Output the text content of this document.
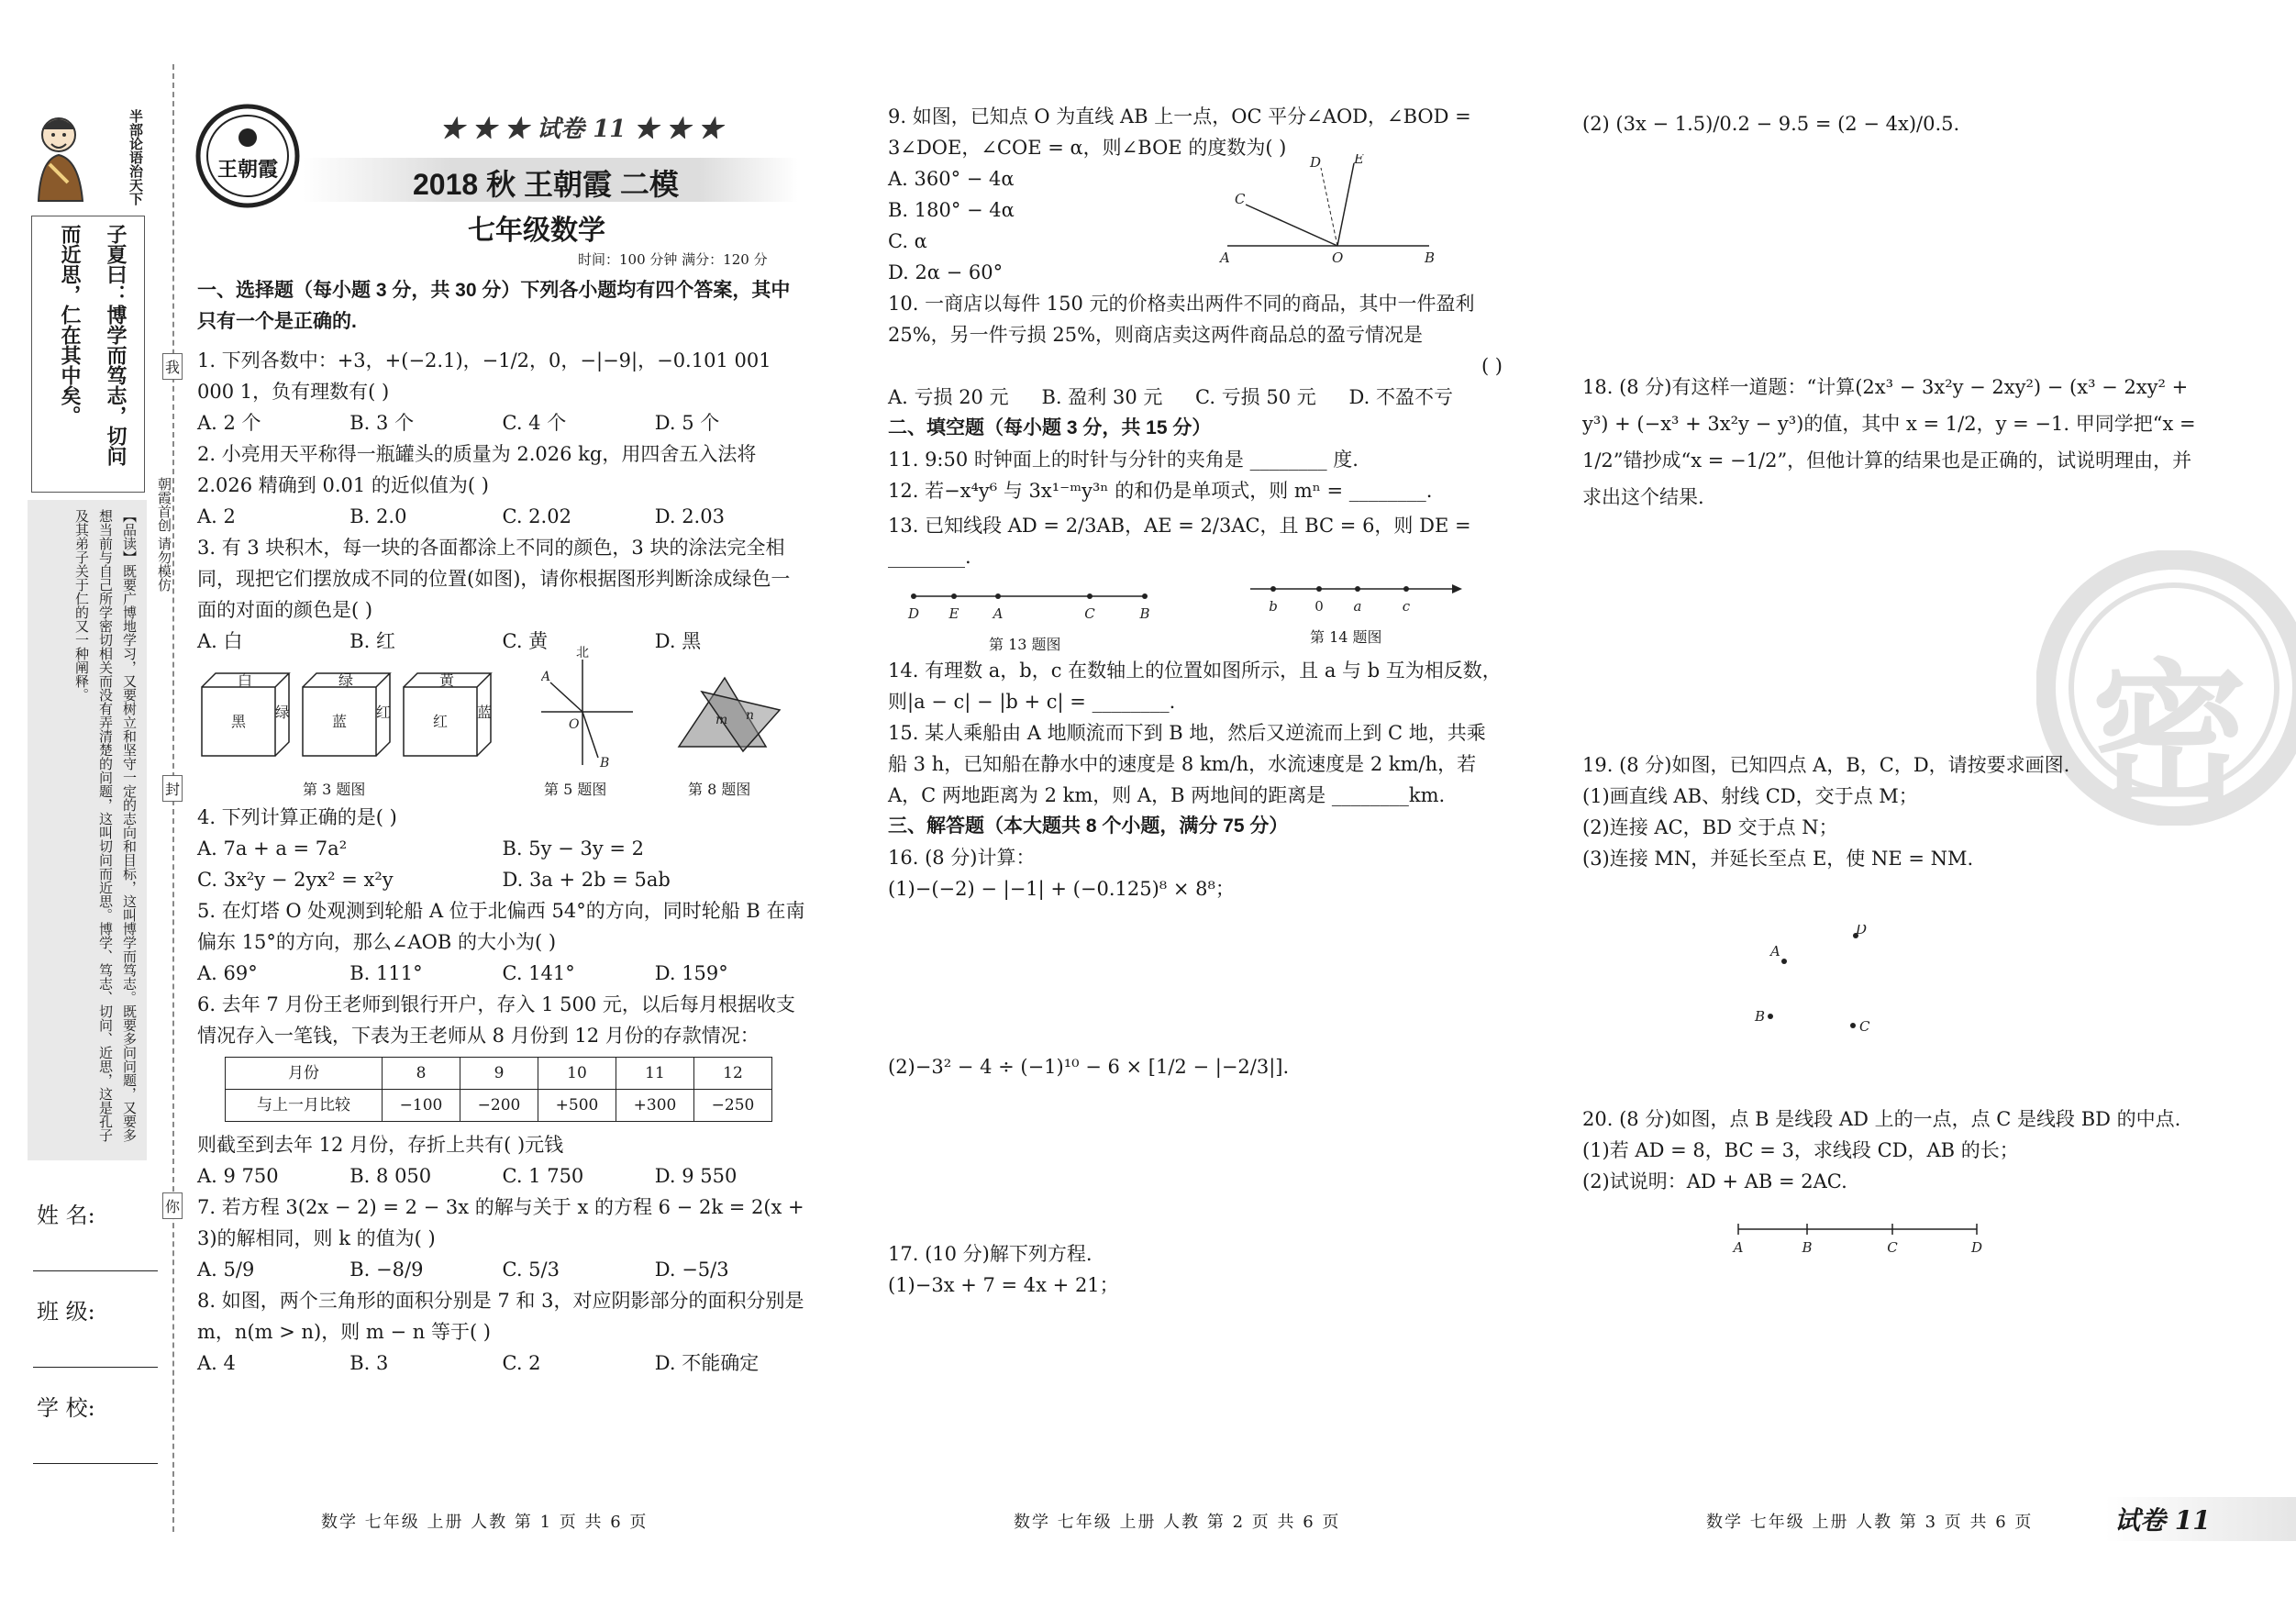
半部论语治天下
子夏曰：博学而笃志，切问而近思，仁在其中矣。
【品读】既要广博地学习，又要树立和坚守一定的志向和目标，这叫博学而笃志。既要多问问题，又要多想当前与自己所学密切相关而没有弄清楚的问题，这叫切问而近思。博学、笃志、切问、近思，这是孔子及其弟子关于仁的又一种阐释。	朝霞首创 请勿模仿
我
封
你
姓 名:
班 级:
学 校:
王朝霞
★ ★ ★ 试卷 11 ★ ★ ★
2018 秋 王朝霞 二模
七年级数学
时间：100 分钟 满分：120 分

一、选择题（每小题 3 分，共 30 分）下列各小题均有四个答案，其中只有一个是正确的.

1. 下列各数中：+3，+(−2.1)，−1/2，0，−|−9|，−0.101 001 000 1，负有理数有( )

A. 2 个	B. 3 个	C. 4 个	D. 5 个

2. 小亮用天平称得一瓶罐头的质量为 2.026 kg，用四舍五入法将 2.026 精确到 0.01 的近似值为( )

A. 2	B. 2.0	C. 2.02	D. 2.03

3. 有 3 块积木，每一块的各面都涂上不同的颜色，3 块的涂法完全相同，现把它们摆放成不同的位置(如图)，请你根据图形判断涂成绿色一面的对面的颜色是( )

A. 白	B. 红	C. 黄	D. 黑
白
黑
绿
绿
蓝
红
黄
红
蓝
第 3 题图
北
A
O
B
第 5 题图
m n
第 8 题图

4. 下列计算正确的是( )

A. 7a + a = 7a²	B. 5y − 3y = 2
C. 3x²y − 2yx² = x²y	D. 3a + 2b = 5ab

5. 在灯塔 O 处观测到轮船 A 位于北偏西 54°的方向，同时轮船 B 在南偏东 15°的方向，那么∠AOB 的大小为( )

A. 69°	B. 111°	C. 141°	D. 159°

6. 去年 7 月份王老师到银行开户，存入 1 500 元，以后每月根据收支情况存入一笔钱，下表为王老师从 8 月份到 12 月份的存款情况：

月份	8	9	10	11	12
与上一月比较	−100	−200	+500	+300	−250

则截至到去年 12 月份，存折上共有( )元钱

A. 9 750	B. 8 050	C. 1 750	D. 9 550

7. 若方程 3(2x − 2) = 2 − 3x 的解与关于 x 的方程 6 − 2k = 2(x + 3)的解相同，则 k 的值为( )

A. 5/9	B. −8/9	C. 5/3	D. −5/3

8. 如图，两个三角形的面积分别是 7 和 3，对应阴影部分的面积分别是 m，n(m > n)，则 m − n 等于( )

A. 4	B. 3	C. 2	D. 不能确定
数学 七年级 上册 人教 第 1 页 共 6 页

9. 如图，已知点 O 为直线 AB 上一点，OC 平分∠AOD，∠BOD = 3∠DOE，∠COE = α，则∠BOE 的度数为( )

A. 360° − 4α
B. 180° − 4α
C. α
D. 2α − 60°
A	O	B
C
D E

10. 一商店以每件 150 元的价格卖出两件不同的商品，其中一件盈利 25%，另一件亏损 25%，则商店卖这两件商品总的盈亏情况是

( )
A. 亏损 20 元	B. 盈利 30 元	C. 亏损 50 元	D. 不盈不亏

二、填空题（每小题 3 分，共 15 分）

11. 9:50 时钟面上的时针与分针的夹角是 ________ 度.

12. 若−x⁴y⁶ 与 3x¹⁻ᵐy³ⁿ 的和仍是单项式，则 mⁿ = ________.

13. 已知线段 AD = 2/3AB，AE = 2/3AC，且 BC = 6，则 DE = ________.

D E A	C	B
第 13 题图
b	0 a	c
第 14 题图

14. 有理数 a，b，c 在数轴上的位置如图所示，且 a 与 b 互为相反数，则|a − c| − |b + c| = ________.

15. 某人乘船由 A 地顺流而下到 B 地，然后又逆流而上到 C 地，共乘船 3 h，已知船在静水中的速度是 8 km/h，水流速度是 2 km/h，若 A，C 两地距离为 2 km，则 A，B 两地间的距离是 ________km.

三、解答题（本大题共 8 个小题，满分 75 分）

16. (8 分)计算：

(1)−(−2) − |−1| + (−0.125)⁸ × 8⁸；

(2)−3² − 4 ÷ (−1)¹⁰ − 6 × [1/2 − |−2/3|].

17. (10 分)解下列方程.

(1)−3x + 7 = 4x + 21；

数学 七年级 上册 人教 第 2 页 共 6 页
密

(2) (3x − 1.5)/0.2 − 9.5 = (2 − 4x)/0.5.

18. (8 分)有这样一道题：“计算(2x³ − 3x²y − 2xy²) − (x³ − 2xy² + y³) + (−x³ + 3x²y − y³)的值，其中 x = 1/2，y = −1. 甲同学把“x = 1/2”错抄成“x = −1/2”，但他计算的结果也是正确的，试说明理由，并求出这个结果.

19. (8 分)如图，已知四点 A，B，C，D，请按要求画图.

(1)画直线 AB、射线 CD，交于点 M；

(2)连接 AC，BD 交于点 N；

(3)连接 MN，并延长至点 E，使 NE = NM.

A
D
B
C

20. (8 分)如图，点 B 是线段 AD 上的一点，点 C 是线段 BD 的中点.

(1)若 AD = 8，BC = 3，求线段 CD，AB 的长；

(2)试说明：AD + AB = 2AC.

A	B	C	D
数学 七年级 上册 人教 第 3 页 共 6 页	试卷 11
